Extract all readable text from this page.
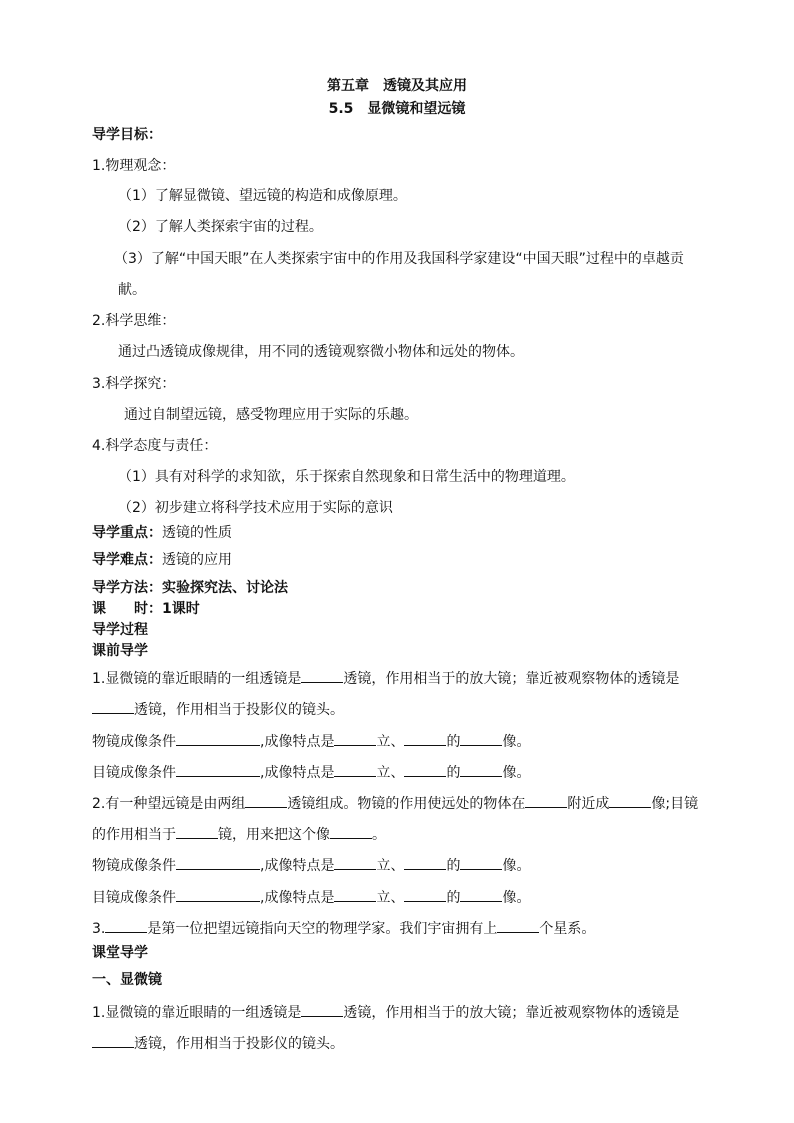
第五章　透镜及其应用
5.5　显微镜和望远镜
导学目标：
1.物理观念：
（1）了解显微镜、望远镜的构造和成像原理。
（2）了解人类探索宇宙的过程。
（3）了解“中国天眼”在人类探索宇宙中的作用及我国科学家建设“中国天眼”过程中的卓越贡
献。
2.科学思维：
通过凸透镜成像规律，用不同的透镜观察微小物体和远处的物体。
3.科学探究：
通过自制望远镜，感受物理应用于实际的乐趣。
4.科学态度与责任：
（1）具有对科学的求知欲，乐于探索自然现象和日常生活中的物理道理。
（2）初步建立将科学技术应用于实际的意识
导学重点：透镜的性质
导学难点：透镜的应用
导学方法：实验探究法、讨论法
课　　时：1课时
导学过程
课前导学
1.显微镜的靠近眼睛的一组透镜是	透镜，作用相当于的放大镜；靠近被观察物体的透镜是
透镜，作用相当于投影仪的镜头。
物镜成像条件	,成像特点是	立、	的	像。
目镜成像条件	,成像特点是	立、	的	像。
2.有一种望远镜是由两组	透镜组成。物镜的作用使远处的物体在	附近成	像;目镜
的作用相当于	镜，用来把这个像	。
物镜成像条件	,成像特点是	立、	的	像。
目镜成像条件	,成像特点是	立、	的	像。
3.	是第一位把望远镜指向天空的物理学家。我们宇宙拥有上	个星系。
课堂导学
一、显微镜
1.显微镜的靠近眼睛的一组透镜是	透镜，作用相当于的放大镜；靠近被观察物体的透镜是
透镜，作用相当于投影仪的镜头。
